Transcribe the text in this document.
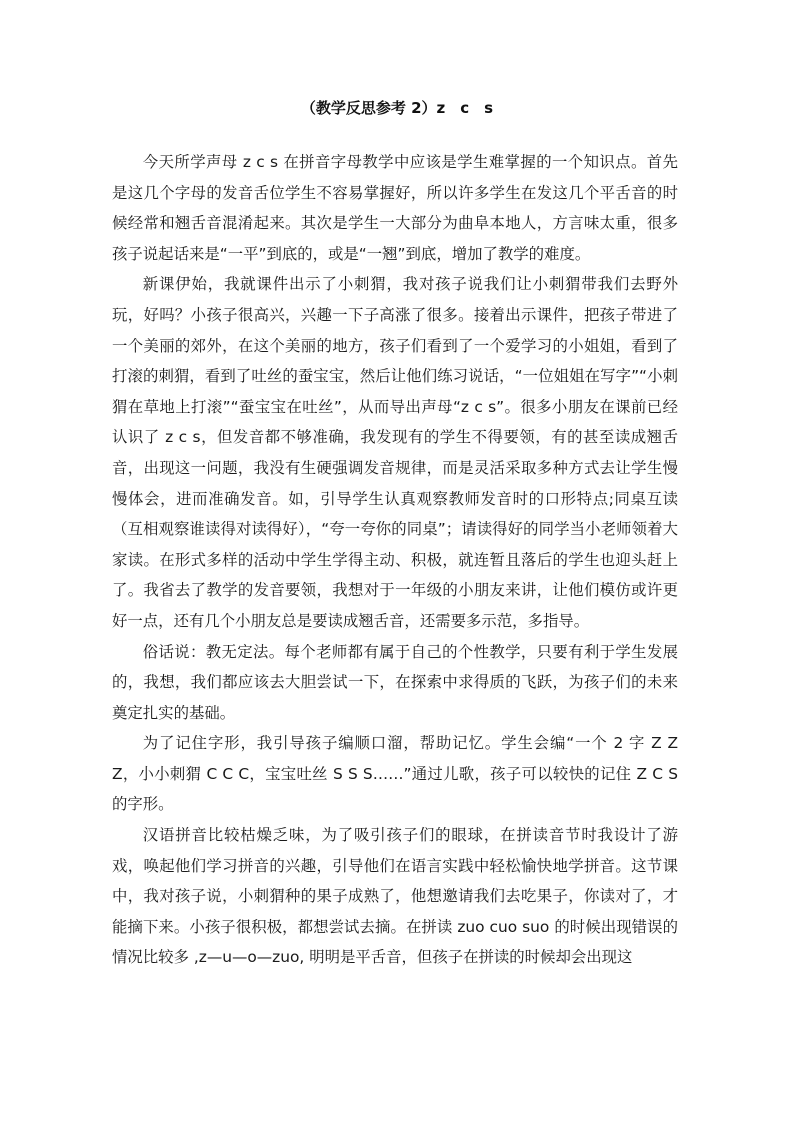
（教学反思参考 2）z　c　s

今天所学声母 z c s 在拼音字母教学中应该是学生难掌握的一个知识点。首先是这几个字母的发音舌位学生不容易掌握好，所以许多学生在发这几个平舌音的时候经常和翘舌音混淆起来。其次是学生一大部分为曲阜本地人，方言味太重，很多孩子说起话来是“一平”到底的，或是“一翘”到底，增加了教学的难度。

新课伊始，我就课件出示了小刺猬，我对孩子说我们让小刺猬带我们去野外玩，好吗？小孩子很高兴，兴趣一下子高涨了很多。接着出示课件，把孩子带进了一个美丽的郊外，在这个美丽的地方，孩子们看到了一个爱学习的小姐姐，看到了打滚的刺猬，看到了吐丝的蚕宝宝，然后让他们练习说话，“一位姐姐在写字”“小刺猬在草地上打滚”“蚕宝宝在吐丝”，从而导出声母“z c s”。很多小朋友在课前已经认识了 z c s，但发音都不够准确，我发现有的学生不得要领，有的甚至读成翘舌音，出现这一问题，我没有生硬强调发音规律，而是灵活采取多种方式去让学生慢慢体会，进而准确发音。如，引导学生认真观察教师发音时的口形特点;同桌互读（互相观察谁读得对读得好），“夸一夸你的同桌”；请读得好的同学当小老师领着大家读。在形式多样的活动中学生学得主动、积极，就连暂且落后的学生也迎头赶上了。我省去了教学的发音要领，我想对于一年级的小朋友来讲，让他们模仿或许更好一点，还有几个小朋友总是要读成翘舌音，还需要多示范，多指导。

俗话说：教无定法。每个老师都有属于自己的个性教学，只要有利于学生发展的，我想，我们都应该去大胆尝试一下，在探索中求得质的飞跃，为孩子们的未来奠定扎实的基础。

为了记住字形，我引导孩子编顺口溜，帮助记忆。学生会编“一个 2 字 Z Z Z，小小刺猬 C C C，宝宝吐丝 S S S……”通过儿歌，孩子可以较快的记住 Z C S 的字形。

汉语拼音比较枯燥乏味，为了吸引孩子们的眼球，在拼读音节时我设计了游戏，唤起他们学习拼音的兴趣，引导他们在语言实践中轻松愉快地学拼音。这节课中，我对孩子说，小刺猬种的果子成熟了，他想邀请我们去吃果子，你读对了，才能摘下来。小孩子很积极，都想尝试去摘。在拼读 zuo cuo suo 的时候出现错误的情况比较多 ,z—u—o—zuo, 明明是平舌音，但孩子在拼读的时候却会出现这
